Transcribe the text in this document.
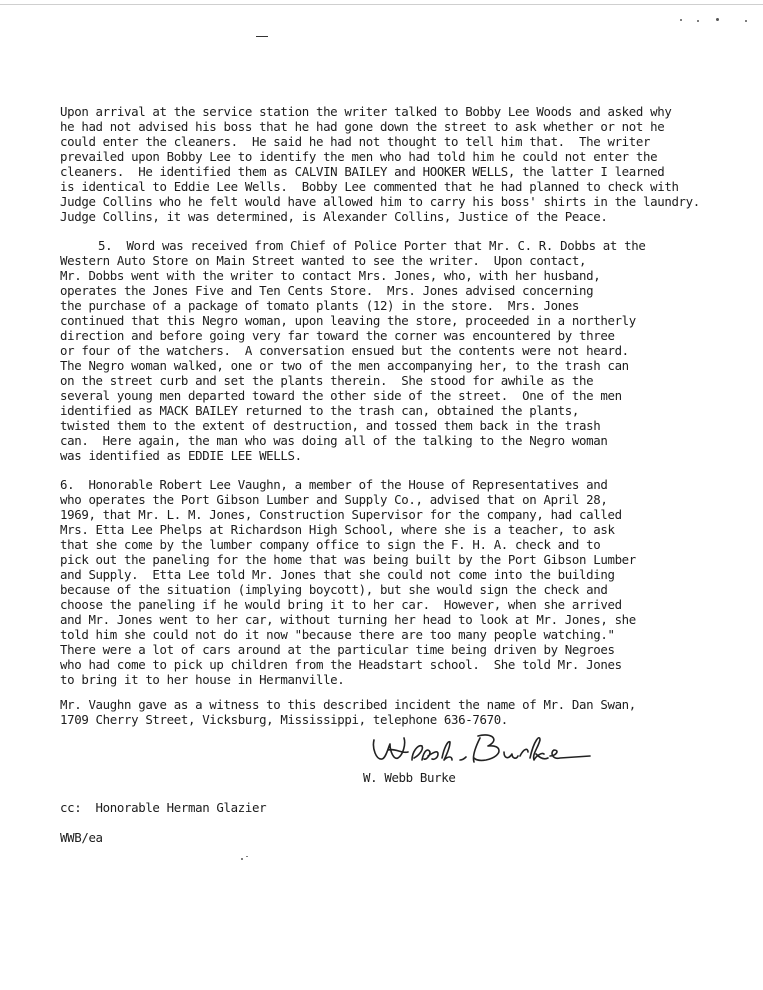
Upon arrival at the service station the writer talked to Bobby Lee Woods and asked why
he had not advised his boss that he had gone down the street to ask whether or not he
could enter the cleaners.  He said he had not thought to tell him that.  The writer
prevailed upon Bobby Lee to identify the men who had told him he could not enter the
cleaners.  He identified them as CALVIN BAILEY and HOOKER WELLS, the latter I learned
is identical to Eddie Lee Wells.  Bobby Lee commented that he had planned to check with
Judge Collins who he felt would have allowed him to carry his boss' shirts in the laundry.
Judge Collins, it was determined, is Alexander Collins, Justice of the Peace.
5.  Word was received from Chief of Police Porter that Mr. C. R. Dobbs at the
Western Auto Store on Main Street wanted to see the writer.  Upon contact,
Mr. Dobbs went with the writer to contact Mrs. Jones, who, with her husband,
operates the Jones Five and Ten Cents Store.  Mrs. Jones advised concerning
the purchase of a package of tomato plants (12) in the store.  Mrs. Jones
continued that this Negro woman, upon leaving the store, proceeded in a northerly
direction and before going very far toward the corner was encountered by three
or four of the watchers.  A conversation ensued but the contents were not heard.
The Negro woman walked, one or two of the men accompanying her, to the trash can
on the street curb and set the plants therein.  She stood for awhile as the
several young men departed toward the other side of the street.  One of the men
identified as MACK BAILEY returned to the trash can, obtained the plants,
twisted them to the extent of destruction, and tossed them back in the trash
can.  Here again, the man who was doing all of the talking to the Negro woman
was identified as EDDIE LEE WELLS.
6.  Honorable Robert Lee Vaughn, a member of the House of Representatives and
who operates the Port Gibson Lumber and Supply Co., advised that on April 28,
1969, that Mr. L. M. Jones, Construction Supervisor for the company, had called
Mrs. Etta Lee Phelps at Richardson High School, where she is a teacher, to ask
that she come by the lumber company office to sign the F. H. A. check and to
pick out the paneling for the home that was being built by the Port Gibson Lumber
and Supply.  Etta Lee told Mr. Jones that she could not come into the building
because of the situation (implying boycott), but she would sign the check and
choose the paneling if he would bring it to her car.  However, when she arrived
and Mr. Jones went to her car, without turning her head to look at Mr. Jones, she
told him she could not do it now "because there are too many people watching."
There were a lot of cars around at the particular time being driven by Negroes
who had come to pick up children from the Headstart school.  She told Mr. Jones
to bring it to her house in Hermanville.
Mr. Vaughn gave as a witness to this described incident the name of Mr. Dan Swan,
1709 Cherry Street, Vicksburg, Mississippi, telephone 636-7670.
W. Webb Burke
cc:  Honorable Herman Glazier
WWB/ea
